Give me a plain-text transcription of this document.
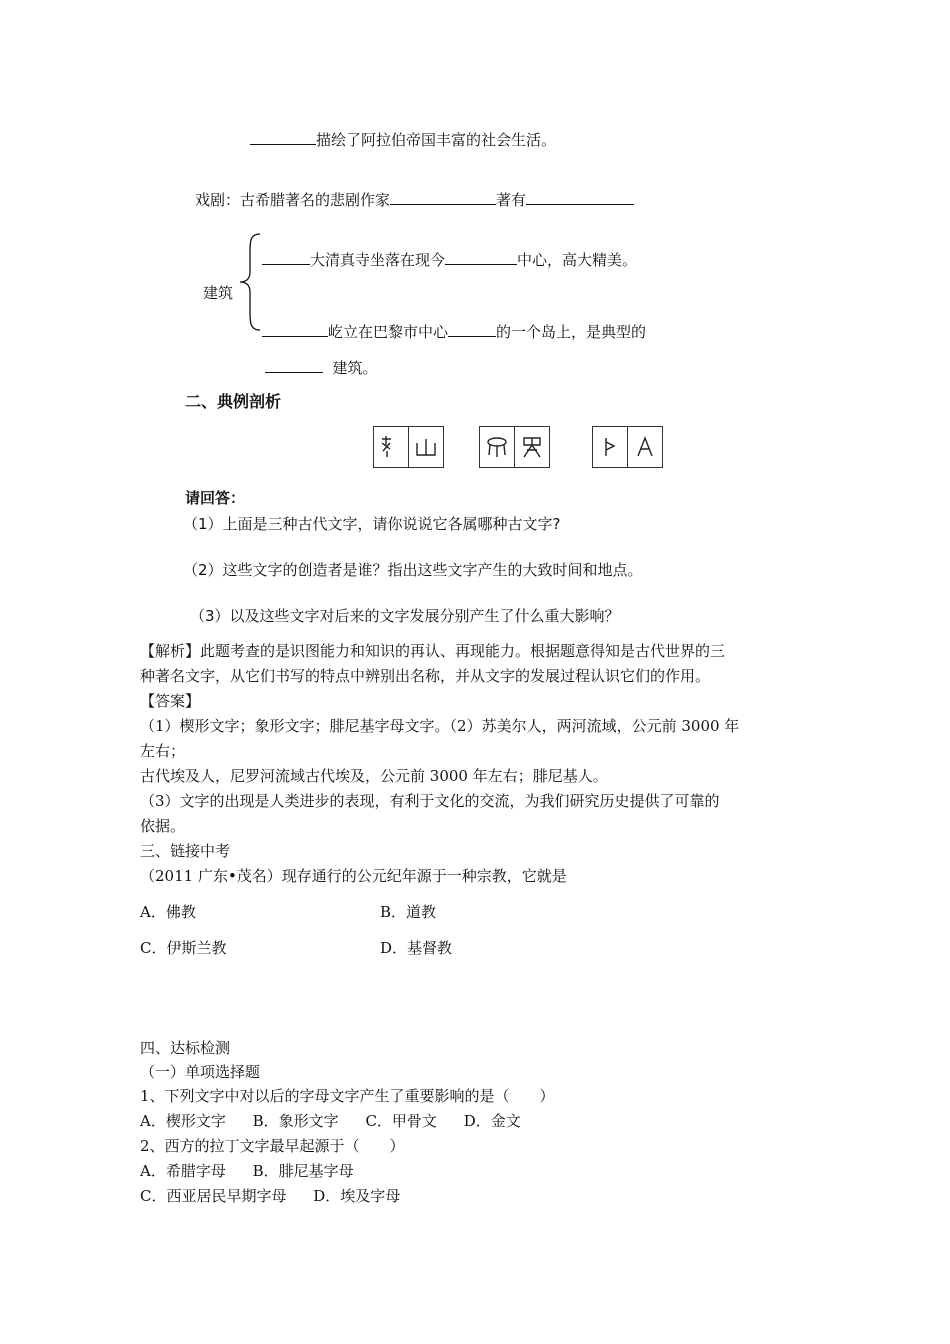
描绘了阿拉伯帝国丰富的社会生活。
戏剧：古希腊著名的悲剧作家	著有
建筑
大清真寺坐落在现今	中心，高大精美。
屹立在巴黎市中心	的一个岛上，是典型的
建筑。
二、典例剖析
请回答：
（1）上面是三种古代文字，请你说说它各属哪种古文字?
（2）这些文字的创造者是谁？指出这些文字产生的大致时间和地点。
（3）以及这些文字对后来的文字发展分别产生了什么重大影响？
【解析】此题考查的是识图能力和知识的再认、再现能力。根据题意得知是古代世界的三
种著名文字，从它们书写的特点中辨别出名称，并从文字的发展过程认识它们的作用。
【答案】
（1）楔形文字；象形文字；腓尼基字母文字。（2）苏美尔人，两河流域，公元前 3000 年
左右；
古代埃及人，尼罗河流域古代埃及，公元前 3000 年左右；腓尼基人。
（3）文字的出现是人类进步的表现，有利于文化的交流，为我们研究历史提供了可靠的
依据。
三、链接中考
（2011 广东•茂名）现存通行的公元纪年源于一种宗教，它就是
A．佛教	B．道教
C．伊斯兰教	D．基督教
四、达标检测
（一）单项选择题
1、下列文字中对以后的字母文字产生了重要影响的是（　　）
A．楔形文字 B．象形文字 C．甲骨文 D．金文
2、西方的拉丁文字最早起源于（　　）
A．希腊字母 B．腓尼基字母
C．西亚居民早期字母 D．埃及字母
